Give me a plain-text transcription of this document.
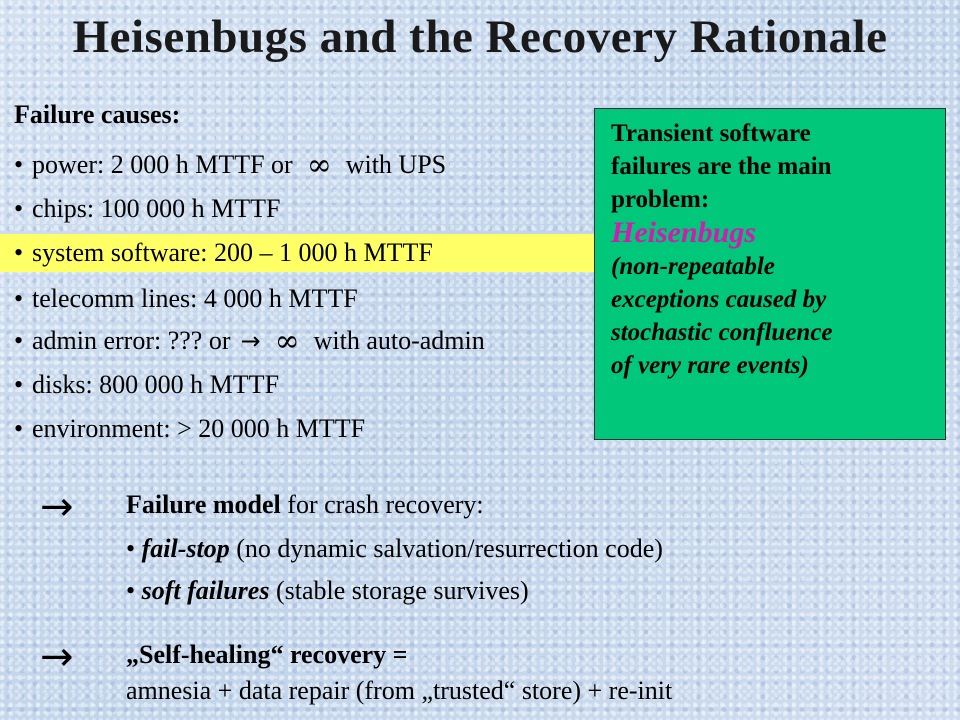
Heisenbugs and the Recovery Rationale
Failure causes:
• power: 2 000 h MTTF or ∞ with UPS
• chips: 100 000 h MTTF
• system software: 200 – 1 000 h MTTF
• telecomm lines: 4 000 h MTTF
• admin error: ??? or → ∞ with auto-admin
• disks: 800 000 h MTTF
• environment: > 20 000 h MTTF
Transient software
failures are the main
problem:
Heisenbugs
(non-repeatable
exceptions caused by
stochastic confluence
of very rare events)
→ Failure model for crash recovery:
• fail-stop (no dynamic salvation/resurrection code)
• soft failures (stable storage survives)
→ „Self-healing“ recovery =
amnesia + data repair (from „trusted“ store) + re-init
